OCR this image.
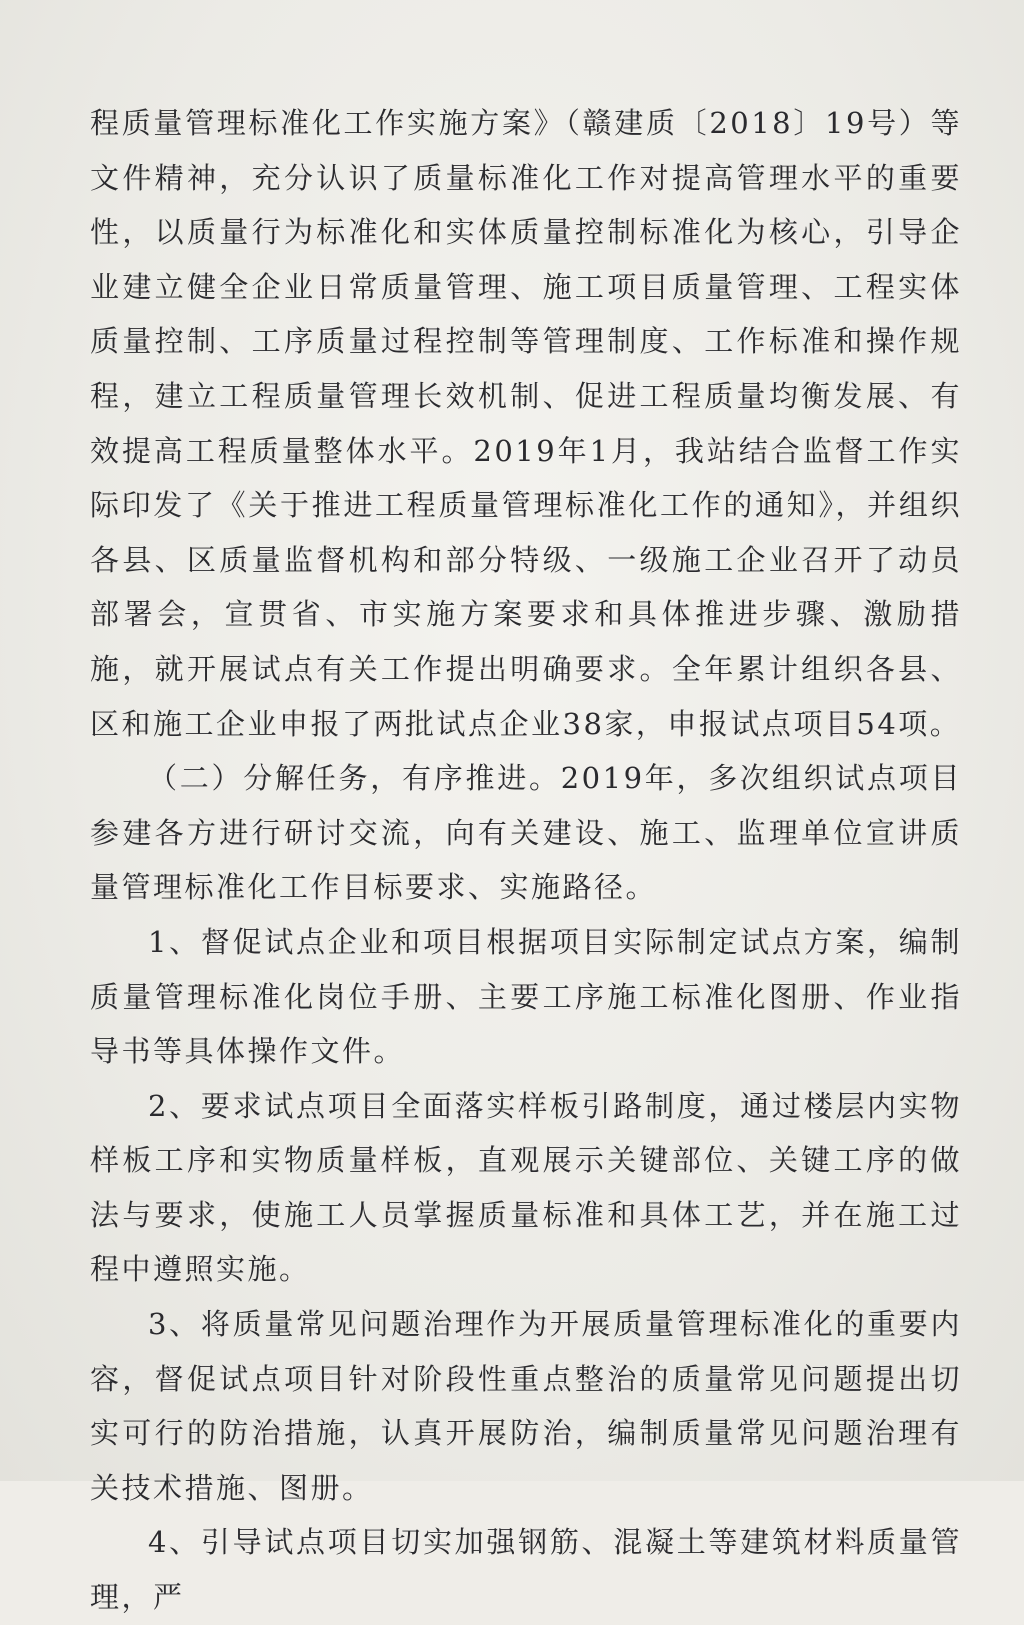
程质量管理标准化工作实施方案》（赣建质〔2018〕19号）等文件精神，充分认识了质量标准化工作对提高管理水平的重要性，以质量行为标准化和实体质量控制标准化为核心，引导企业建立健全企业日常质量管理、施工项目质量管理、工程实体质量控制、工序质量过程控制等管理制度、工作标准和操作规程，建立工程质量管理长效机制、促进工程质量均衡发展、有效提高工程质量整体水平。2019年1月，我站结合监督工作实际印发了《关于推进工程质量管理标准化工作的通知》，并组织各县、区质量监督机构和部分特级、一级施工企业召开了动员部署会，宣贯省、市实施方案要求和具体推进步骤、激励措施，就开展试点有关工作提出明确要求。全年累计组织各县、区和施工企业申报了两批试点企业38家，申报试点项目54项。

（二）分解任务，有序推进。2019年，多次组织试点项目参建各方进行研讨交流，向有关建设、施工、监理单位宣讲质量管理标准化工作目标要求、实施路径。

1、督促试点企业和项目根据项目实际制定试点方案，编制质量管理标准化岗位手册、主要工序施工标准化图册、作业指导书等具体操作文件。

2、要求试点项目全面落实样板引路制度，通过楼层内实物样板工序和实物质量样板，直观展示关键部位、关键工序的做法与要求，使施工人员掌握质量标准和具体工艺，并在施工过程中遵照实施。

3、将质量常见问题治理作为开展质量管理标准化的重要内容，督促试点项目针对阶段性重点整治的质量常见问题提出切实可行的防治措施，认真开展防治，编制质量常见问题治理有关技术措施、图册。

4、引导试点项目切实加强钢筋、混凝土等建筑材料质量管理，严
